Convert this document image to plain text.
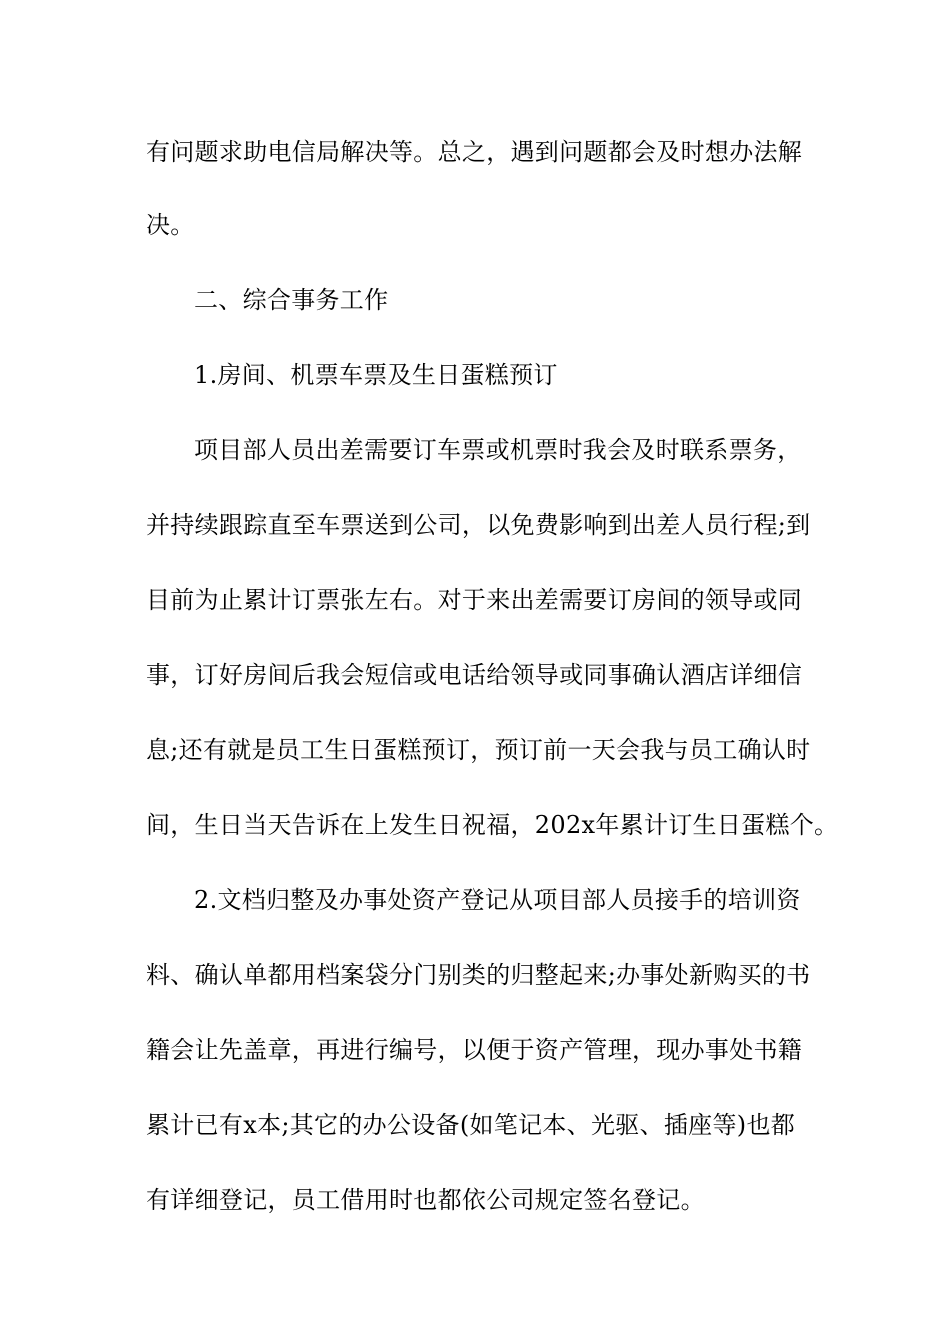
有问题求助电信局解决等。总之，遇到问题都会及时想办法解
决。
二、综合事务工作
1.房间、机票车票及生日蛋糕预订
项目部人员出差需要订车票或机票时我会及时联系票务，
并持续跟踪直至车票送到公司，以免费影响到出差人员行程;到
目前为止累计订票张左右。对于来出差需要订房间的领导或同
事，订好房间后我会短信或电话给领导或同事确认酒店详细信
息;还有就是员工生日蛋糕预订，预订前一天会我与员工确认时
间，生日当天告诉在上发生日祝福，202x年累计订生日蛋糕个。
2.文档归整及办事处资产登记从项目部人员接手的培训资
料、确认单都用档案袋分门别类的归整起来;办事处新购买的书
籍会让先盖章，再进行编号，以便于资产管理，现办事处书籍
累计已有x本;其它的办公设备(如笔记本、光驱、插座等)也都
有详细登记，员工借用时也都依公司规定签名登记。
